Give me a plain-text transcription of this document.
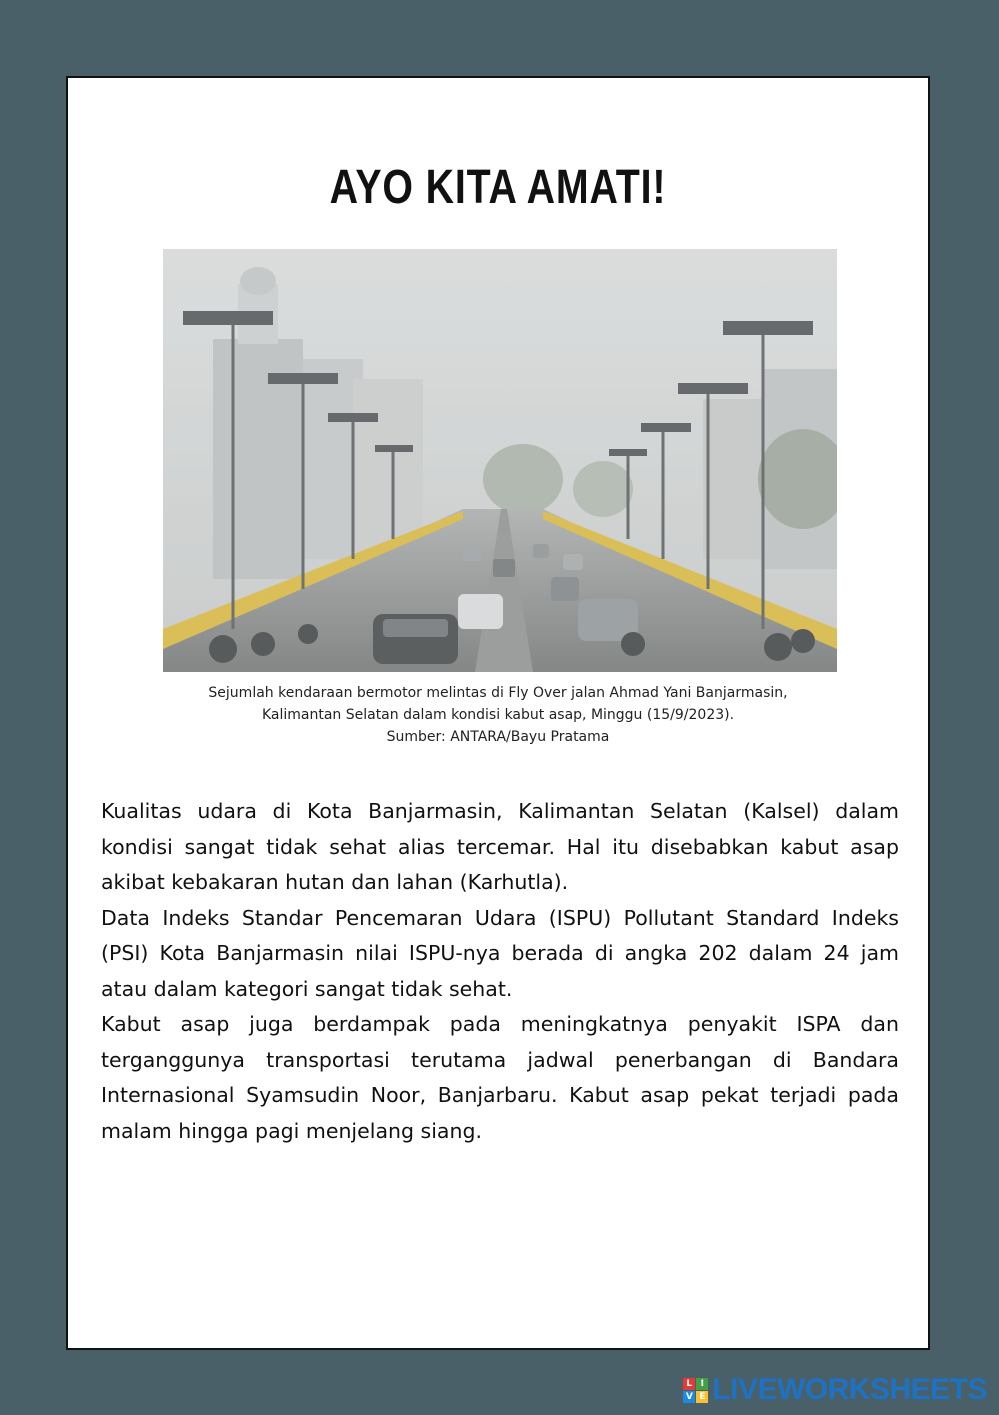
AYO KITA AMATI!
Sejumlah kendaraan bermotor melintas di Fly Over jalan Ahmad Yani Banjarmasin,
Kalimantan Selatan dalam kondisi kabut asap, Minggu (15/9/2023).
Sumber: ANTARA/Bayu Pratama

Kualitas udara di Kota Banjarmasin, Kalimantan Selatan (Kalsel) dalam kondisi sangat tidak sehat alias tercemar. Hal itu disebabkan kabut asap akibat kebakaran hutan dan lahan (Karhutla).

Data Indeks Standar Pencemaran Udara (ISPU) Pollutant Standard Indeks (PSI) Kota Banjarmasin nilai ISPU-nya berada di angka 202 dalam 24 jam atau dalam kategori sangat tidak sehat.

Kabut asap juga berdampak pada meningkatnya penyakit ISPA dan terganggunya transportasi terutama jadwal penerbangan di Bandara Internasional Syamsudin Noor, Banjarbaru. Kabut asap pekat terjadi pada malam hingga pagi menjelang siang.

L I
V E LIVEWORKSHEETS
